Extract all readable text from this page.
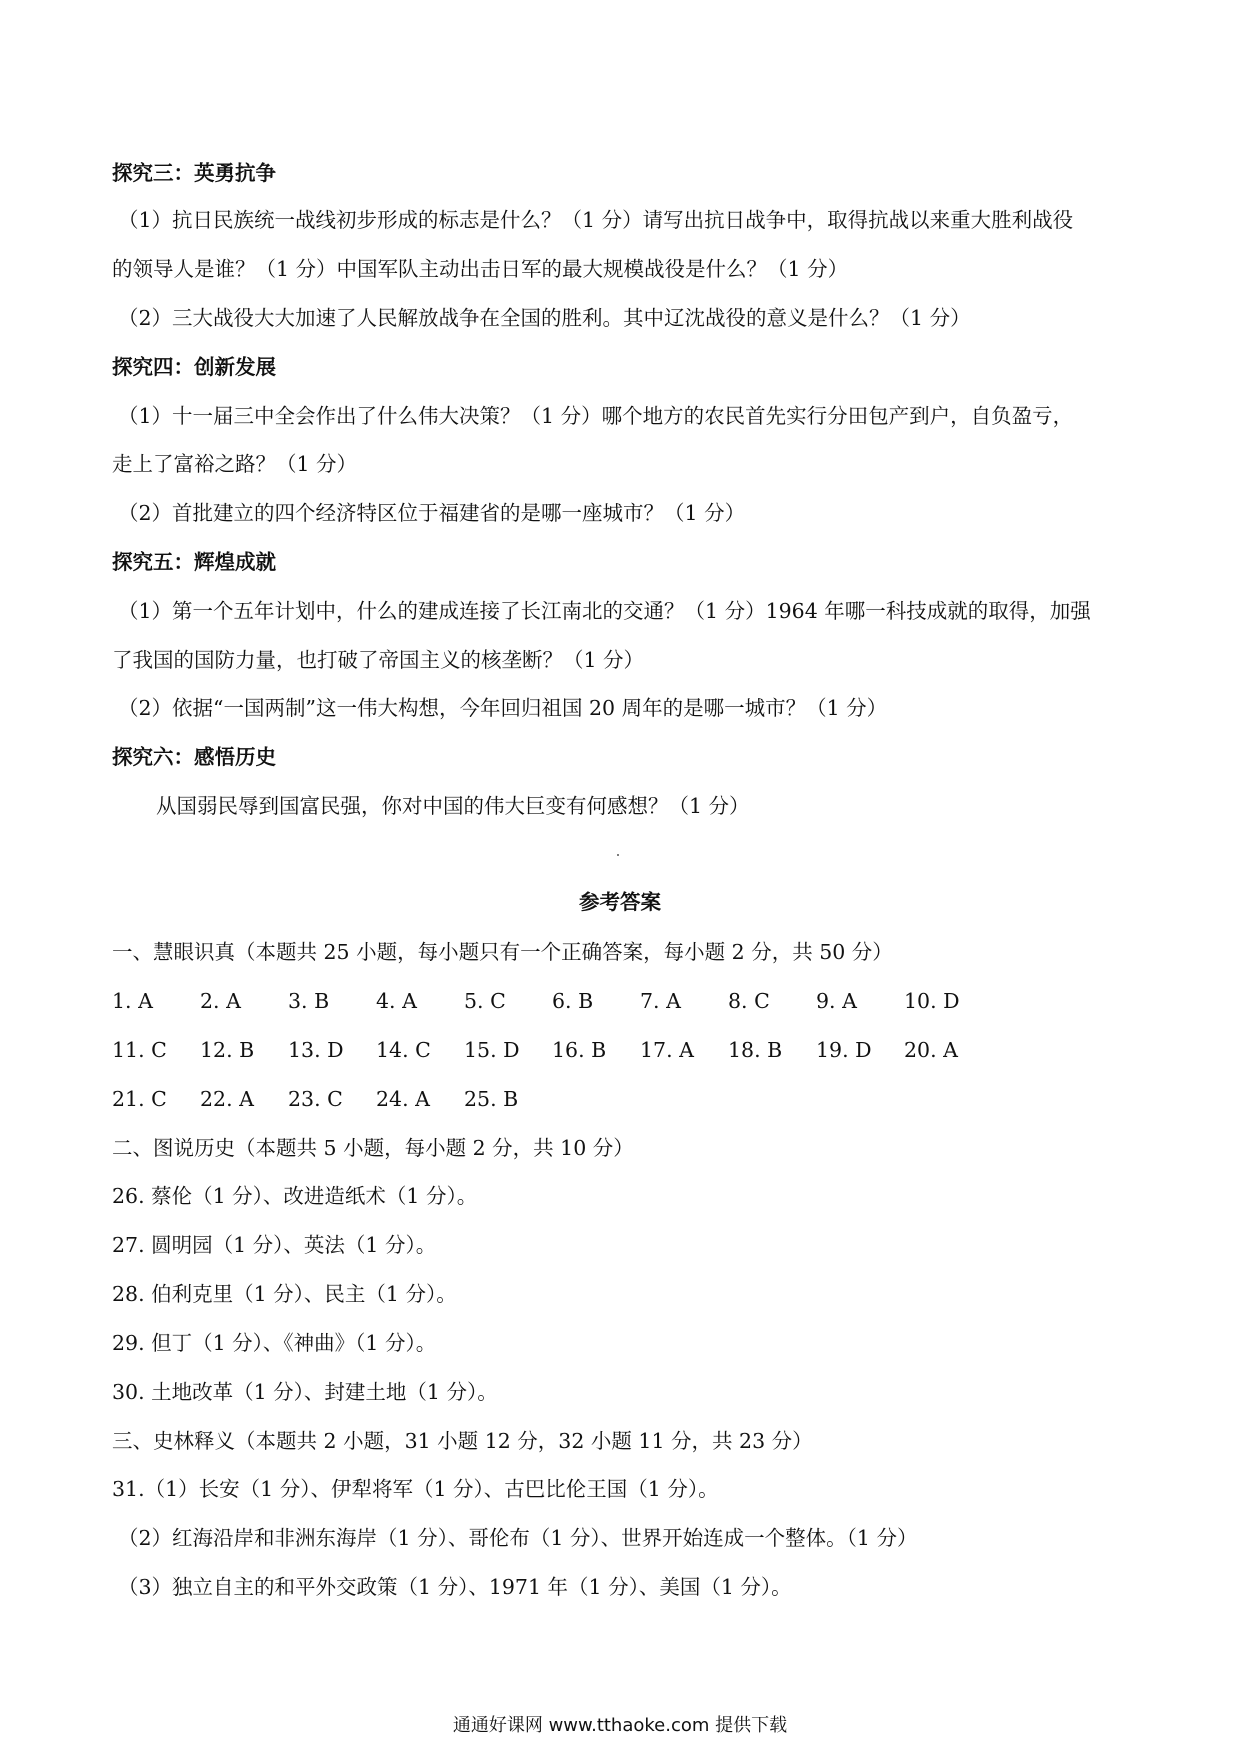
探究三：英勇抗争
（1）抗日民族统一战线初步形成的标志是什么？（1 分）请写出抗日战争中，取得抗战以来重大胜利战役
的领导人是谁？（1 分）中国军队主动出击日军的最大规模战役是什么？（1 分）
（2）三大战役大大加速了人民解放战争在全国的胜利。其中辽沈战役的意义是什么？（1 分）
探究四：创新发展
（1）十一届三中全会作出了什么伟大决策？（1 分）哪个地方的农民首先实行分田包产到户，自负盈亏，
走上了富裕之路？（1 分）
（2）首批建立的四个经济特区位于福建省的是哪一座城市？（1 分）
探究五：辉煌成就
（1）第一个五年计划中，什么的建成连接了长江南北的交通？（1 分）1964 年哪一科技成就的取得，加强
了我国的国防力量，也打破了帝国主义的核垄断？（1 分）
（2）依据“一国两制”这一伟大构想，今年回归祖国 20 周年的是哪一城市？（1 分）
探究六：感悟历史
从国弱民辱到国富民强，你对中国的伟大巨变有何感想？（1 分）
参考答案
一、慧眼识真（本题共 25 小题，每小题只有一个正确答案，每小题 2 分，共 50 分）
1. A 2. A 3. B 4. A 5. C 6. B 7. A 8. C 9. A 10. D
11. C 12. B 13. D 14. C 15. D 16. B 17. A 18. B 19. D 20. A
21. C 22. A 23. C 24. A 25. B
二、图说历史（本题共 5 小题，每小题 2 分，共 10 分）
26. 蔡伦（1 分）、改进造纸术（1 分）。
27. 圆明园（1 分）、英法（1 分）。
28. 伯利克里（1 分）、民主（1 分）。
29. 但丁（1 分）、《神曲》（1 分）。
30. 土地改革（1 分）、封建土地（1 分）。
三、史林释义（本题共 2 小题，31 小题 12 分，32 小题 11 分，共 23 分）
31.（1）长安（1 分）、伊犁将军（1 分）、古巴比伦王国（1 分）。
（2）红海沿岸和非洲东海岸（1 分）、哥伦布（1 分）、世界开始连成一个整体。（1 分）
（3）独立自主的和平外交政策（1 分）、1971 年（1 分）、美国（1 分）。
通通好课网 www.tthaoke.com 提供下载
